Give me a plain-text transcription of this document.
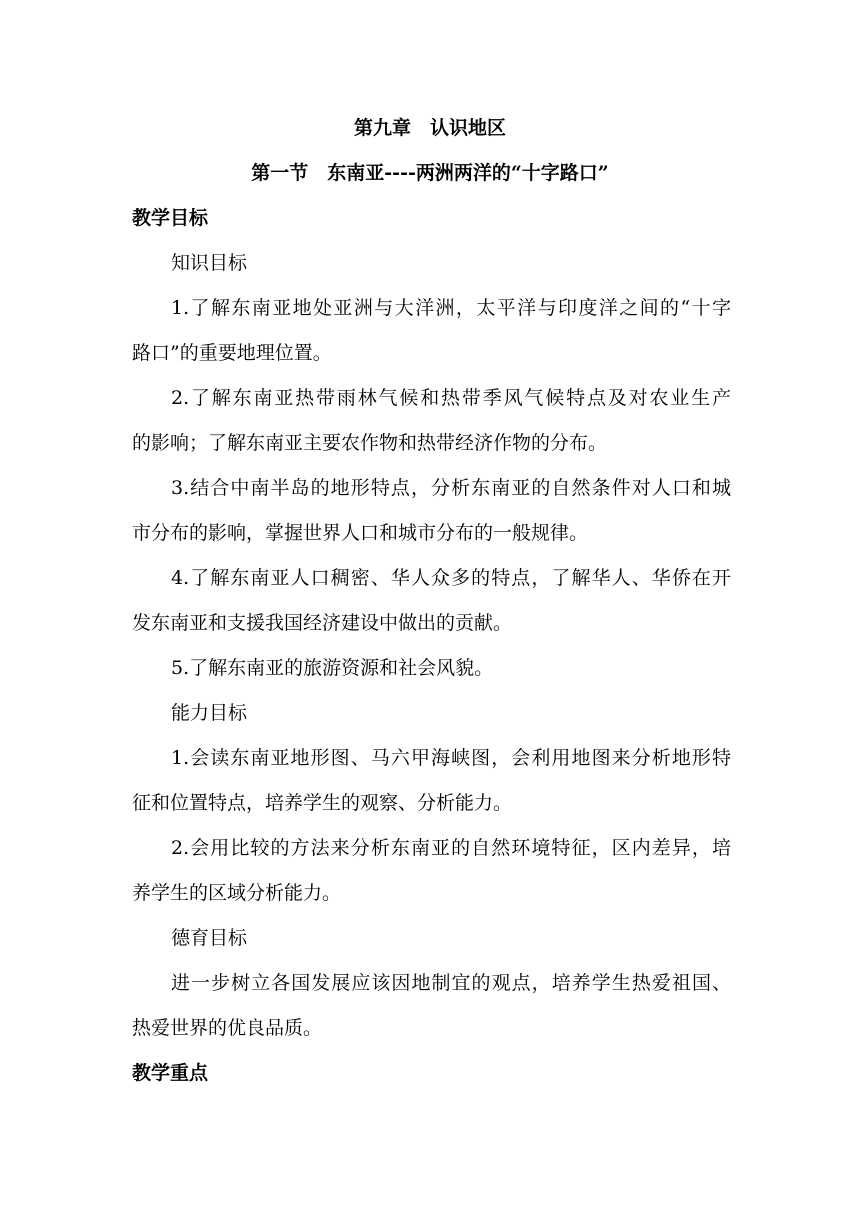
第九章　认识地区
第一节　东南亚----两洲两洋的“十字路口”
教学目标
知识目标
1.了解东南亚地处亚洲与大洋洲，太平洋与印度洋之间的“十字
路口”的重要地理位置。
2.了解东南亚热带雨林气候和热带季风气候特点及对农业生产
的影响；了解东南亚主要农作物和热带经济作物的分布。
3.结合中南半岛的地形特点，分析东南亚的自然条件对人口和城
市分布的影响，掌握世界人口和城市分布的一般规律。
4.了解东南亚人口稠密、华人众多的特点，了解华人、华侨在开
发东南亚和支援我国经济建设中做出的贡献。
5.了解东南亚的旅游资源和社会风貌。
能力目标
1.会读东南亚地形图、马六甲海峡图，会利用地图来分析地形特
征和位置特点，培养学生的观察、分析能力。
2.会用比较的方法来分析东南亚的自然环境特征，区内差异，培
养学生的区域分析能力。
德育目标
进一步树立各国发展应该因地制宜的观点，培养学生热爱祖国、
热爱世界的优良品质。
教学重点
